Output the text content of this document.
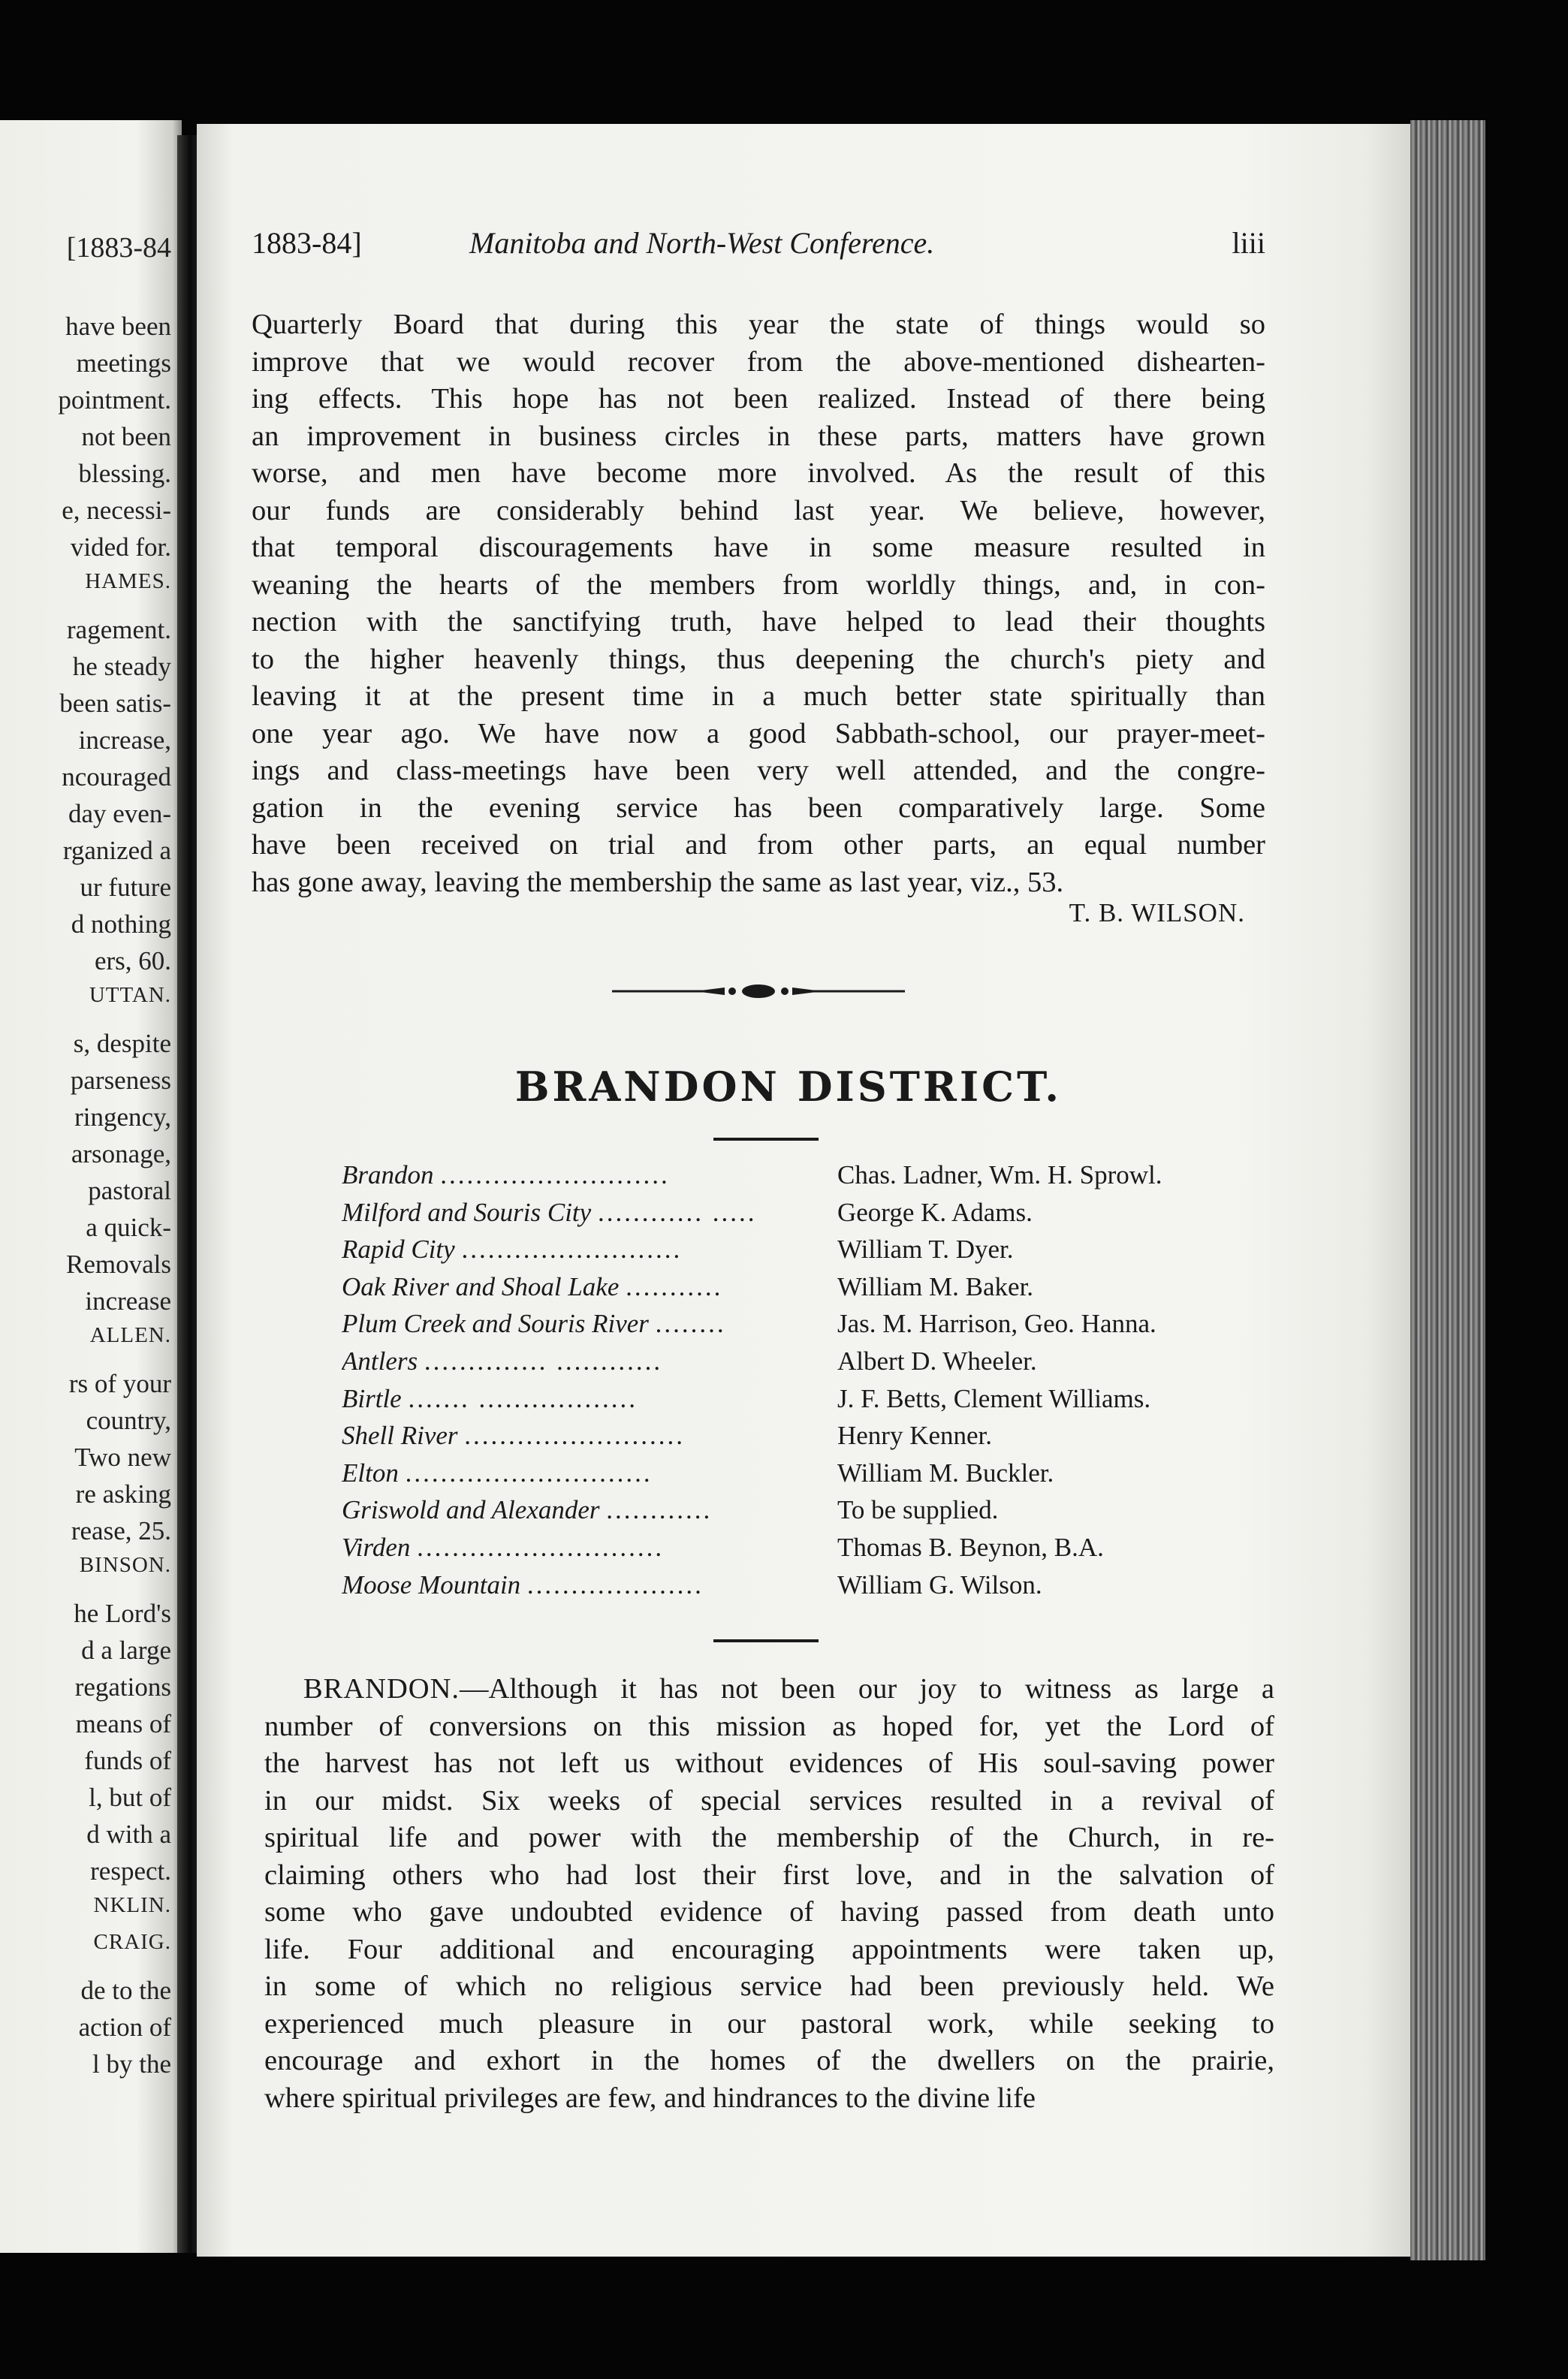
[1883-84
have been
meetings
pointment.
not been
blessing.
e, necessi-
vided for.
HAMES.
ragement.
he steady
been satis-
increase,
ncouraged
day even-
rganized a
ur future
d nothing
ers, 60.
UTTAN.
s, despite
parseness
ringency,
arsonage,
pastoral
a quick-
Removals
increase
ALLEN.
rs of your
country,
Two new
re asking
rease, 25.
BINSON.
he Lord's
d a large
regations
means of
funds of
l, but of
d with a
respect.
NKLIN.
CRAIG.
de to the
action of
l by the
1883-84]	Manitoba and North-West Conference.	liii
Quarterly Board that during this year the state of things would so
improve that we would recover from the above-mentioned dishearten-
ing effects. This hope has not been realized. Instead of there being
an improvement in business circles in these parts, matters have grown
worse, and men have become more involved. As the result of this
our funds are considerably behind last year. We believe, however,
that temporal discouragements have in some measure resulted in
weaning the hearts of the members from worldly things, and, in con-
nection with the sanctifying truth, have helped to lead their thoughts
to the higher heavenly things, thus deepening the church's piety and
leaving it at the present time in a much better state spiritually than
one year ago. We have now a good Sabbath-school, our prayer-meet-
ings and class-meetings have been very well attended, and the congre-
gation in the evening service has been comparatively large. Some
have been received on trial and from other parts, an equal number
has gone away, leaving the membership the same as last year, viz., 53.
T. B. WILSON.
BRANDON DISTRICT.
Brandon ..........................	Chas. Ladner, Wm. H. Sprowl.
Milford and Souris City ............ .....	George K. Adams.
Rapid City .........................	William T. Dyer.
Oak River and Shoal Lake ...........	William M. Baker.
Plum Creek and Souris River ........	Jas. M. Harrison, Geo. Hanna.
Antlers .............. ............	Albert D. Wheeler.
Birtle ....... ..................	J. F. Betts, Clement Williams.
Shell River .........................	Henry Kenner.
Elton ............................	William M. Buckler.
Griswold and Alexander ............	To be supplied.
Virden ............................	Thomas B. Beynon, B.A.
Moose Mountain ....................	William G. Wilson.
BRANDON.—Although it has not been our joy to witness as large a
number of conversions on this mission as hoped for, yet the Lord of
the harvest has not left us without evidences of His soul-saving power
in our midst. Six weeks of special services resulted in a revival of
spiritual life and power with the membership of the Church, in re-
claiming others who had lost their first love, and in the salvation of
some who gave undoubted evidence of having passed from death unto
life. Four additional and encouraging appointments were taken up,
in some of which no religious service had been previously held. We
experienced much pleasure in our pastoral work, while seeking to
encourage and exhort in the homes of the dwellers on the prairie,
where spiritual privileges are few, and hindrances to the divine life
